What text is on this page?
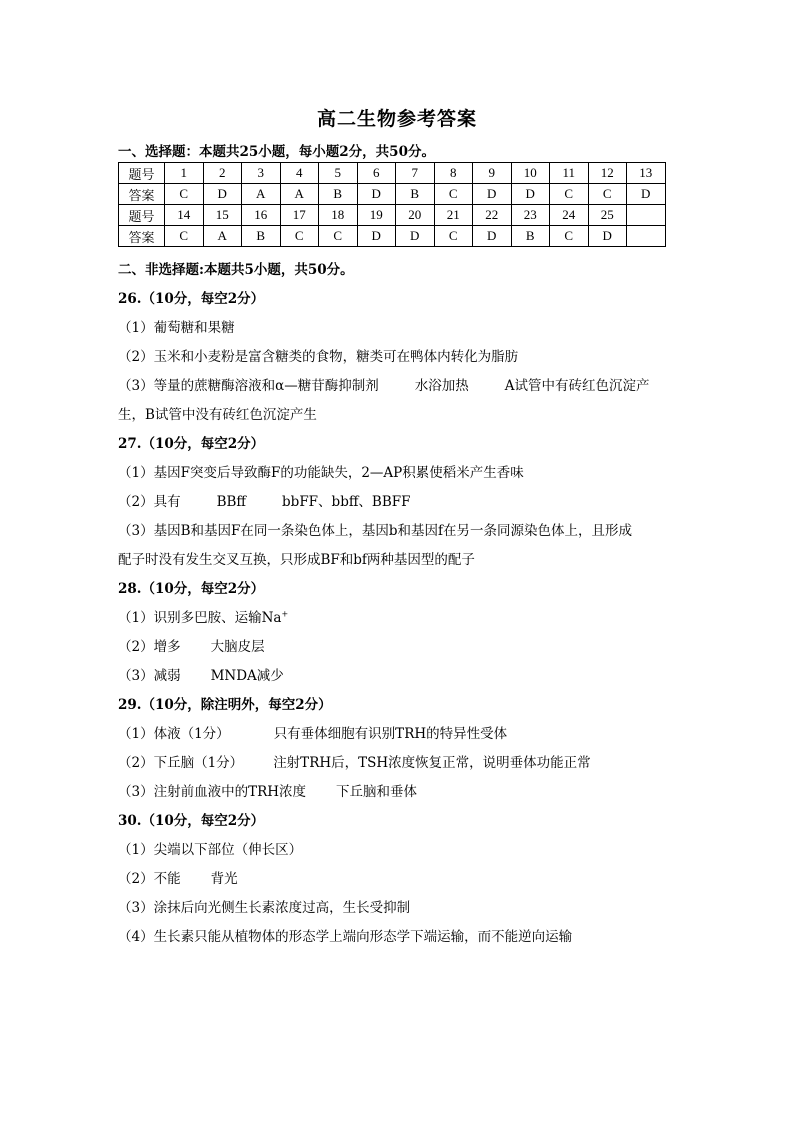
高二生物参考答案
一、选择题：本题共25小题，每小题2分，共50分。
题号	1	2	3	4	5	6	7	8	9	10	11	12	13
答案	C	D	A	A	B	D	B	C	D	D	C	C	D
题号	14	15	16	17	18	19	20	21	22	23	24	25	
答案	C	A	B	C	C	D	D	C	D	B	C	D	
二、非选择题:本题共5小题，共50分。
26.（10分，每空2分）
（1）葡萄糖和果糖
（2）玉米和小麦粉是富含糖类的食物，糖类可在鸭体内转化为脂肪
（3）等量的蔗糖酶溶液和α—糖苷酶抑制剂	水浴加热	A试管中有砖红色沉淀产
生，B试管中没有砖红色沉淀产生
27.（10分，每空2分）
（1）基因F突变后导致酶F的功能缺失，2—AP积累使稻米产生香味
（2）具有	BBff	bbFF、bbff、BBFF
（3）基因B和基因F在同一条染色体上，基因b和基因f在另一条同源染色体上，且形成
配子时没有发生交叉互换，只形成BF和bf两种基因型的配子
28.（10分，每空2分）
（1）识别多巴胺、运输Na+
（2）增多 大脑皮层
（3）减弱 MNDA减少
29.（10分，除注明外，每空2分）
（1）体液（1分）	只有垂体细胞有识别TRH的特异性受体
（2）下丘脑（1分） 注射TRH后，TSH浓度恢复正常，说明垂体功能正常
（3）注射前血液中的TRH浓度 下丘脑和垂体
30.（10分，每空2分）
（1）尖端以下部位（伸长区）
（2）不能 背光
（3）涂抹后向光侧生长素浓度过高，生长受抑制
（4）生长素只能从植物体的形态学上端向形态学下端运输，而不能逆向运输
